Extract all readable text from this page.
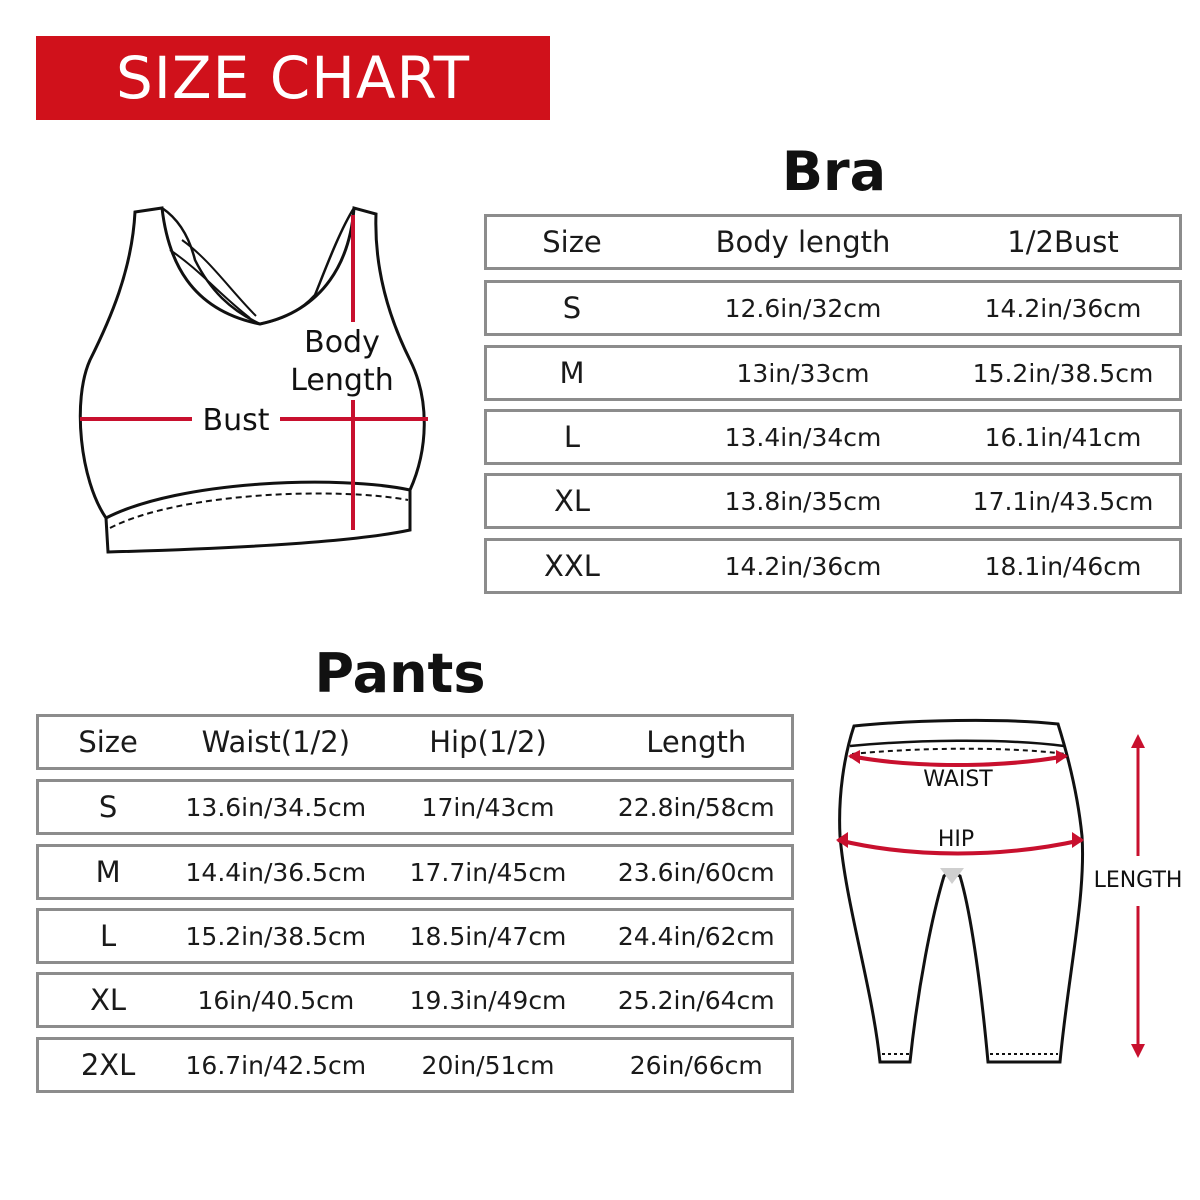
SIZE CHART
Bra
Body
Length
Bust
Size	Body length	1/2Bust
S	12.6in/32cm	14.2in/36cm
M	13in/33cm	15.2in/38.5cm
L	13.4in/34cm	16.1in/41cm
XL	13.8in/35cm	17.1in/43.5cm
XXL	14.2in/36cm	18.1in/46cm
Pants
Size	Waist(1/2)	Hip(1/2)	Length
S	13.6in/34.5cm	17in/43cm	22.8in/58cm
M	14.4in/36.5cm	17.7in/45cm	23.6in/60cm
L	15.2in/38.5cm	18.5in/47cm	24.4in/62cm
XL	16in/40.5cm	19.3in/49cm	25.2in/64cm
2XL	16.7in/42.5cm	20in/51cm	26in/66cm
WAIST
HIP
LENGTH
